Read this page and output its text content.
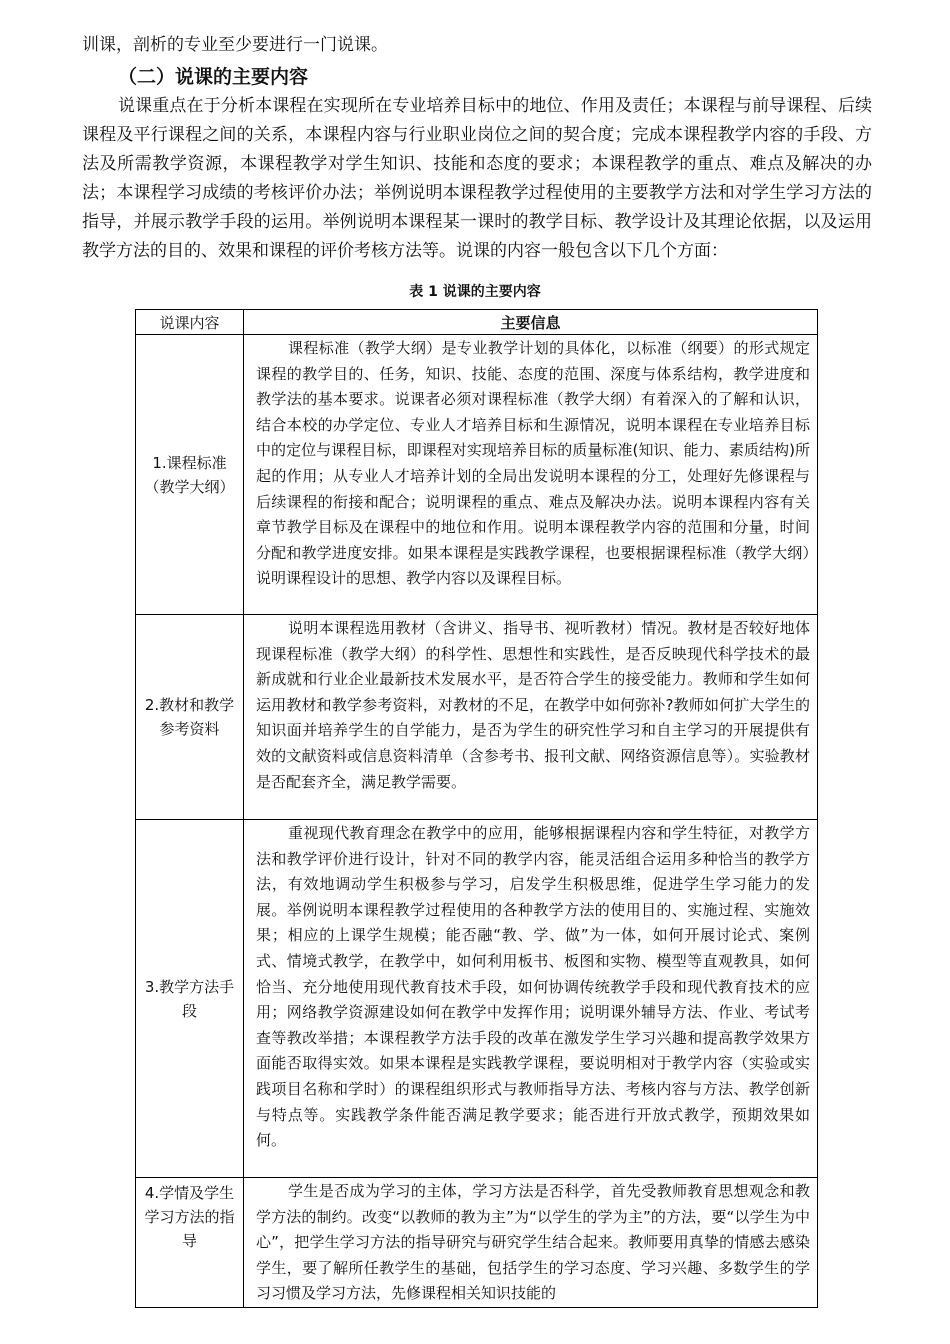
训课，剖析的专业至少要进行一门说课。

（二）说课的主要内容

说课重点在于分析本课程在实现所在专业培养目标中的地位、作用及责任；本课程与前导课程、后续课程及平行课程之间的关系，本课程内容与行业职业岗位之间的契合度；完成本课程教学内容的手段、方法及所需教学资源，本课程教学对学生知识、技能和态度的要求；本课程教学的重点、难点及解决的办法；本课程学习成绩的考核评价办法；举例说明本课程教学过程使用的主要教学方法和对学生学习方法的指导，并展示教学手段的运用。举例说明本课程某一课时的教学目标、教学设计及其理论依据，以及运用教学方法的目的、效果和课程的评价考核方法等。说课的内容一般包含以下几个方面：

表 1 说课的主要内容
说课内容	主要信息
1.课程标准（教学大纲）	课程标准（教学大纲）是专业教学计划的具体化，以标准（纲要）的形式规定课程的教学目的、任务，知识、技能、态度的范围、深度与体系结构，教学进度和教学法的基本要求。说课者必须对课程标准（教学大纲）有着深入的了解和认识，结合本校的办学定位、专业人才培养目标和生源情况，说明本课程在专业培养目标中的定位与课程目标，即课程对实现培养目标的质量标准(知识、能力、素质结构)所起的作用；从专业人才培养计划的全局出发说明本课程的分工，处理好先修课程与后续课程的衔接和配合；说明课程的重点、难点及解决办法。说明本课程内容有关章节教学目标及在课程中的地位和作用。说明本课程教学内容的范围和分量，时间分配和教学进度安排。如果本课程是实践教学课程，也要根据课程标准（教学大纲）说明课程设计的思想、教学内容以及课程目标。
2.教材和教学参考资料	说明本课程选用教材（含讲义、指导书、视听教材）情况。教材是否较好地体现课程标准（教学大纲）的科学性、思想性和实践性，是否反映现代科学技术的最新成就和行业企业最新技术发展水平，是否符合学生的接受能力。教师和学生如何运用教材和教学参考资料，对教材的不足，在教学中如何弥补?教师如何扩大学生的知识面并培养学生的自学能力，是否为学生的研究性学习和自主学习的开展提供有效的文献资料或信息资料清单（含参考书、报刊文献、网络资源信息等）。实验教材是否配套齐全，满足教学需要。
3.教学方法手段	重视现代教育理念在教学中的应用，能够根据课程内容和学生特征，对教学方法和教学评价进行设计，针对不同的教学内容，能灵活组合运用多种恰当的教学方法，有效地调动学生积极参与学习，启发学生积极思维，促进学生学习能力的发展。举例说明本课程教学过程使用的各种教学方法的使用目的、实施过程、实施效果；相应的上课学生规模；能否融“教、学、做”为一体，如何开展讨论式、案例式、情境式教学，在教学中，如何利用板书、板图和实物、模型等直观教具，如何恰当、充分地使用现代教育技术手段，如何协调传统教学手段和现代教育技术的应用；网络教学资源建设如何在教学中发挥作用；说明课外辅导方法、作业、考试考查等教改举措；本课程教学方法手段的改革在激发学生学习兴趣和提高教学效果方面能否取得实效。如果本课程是实践教学课程，要说明相对于教学内容（实验或实践项目名称和学时）的课程组织形式与教师指导方法、考核内容与方法、教学创新与特点等。实践教学条件能否满足教学要求；能否进行开放式教学，预期效果如何。
4.学情及学生学习方法的指导	学生是否成为学习的主体，学习方法是否科学，首先受教师教育思想观念和教学方法的制约。改变“以教师的教为主”为“以学生的学为主”的方法，要“以学生为中心”，把学生学习方法的指导研究与研究学生结合起来。教师要用真挚的情感去感染学生，要了解所任教学生的基础，包括学生的学习态度、学习兴趣、多数学生的学习习惯及学习方法，先修课程相关知识技能的
